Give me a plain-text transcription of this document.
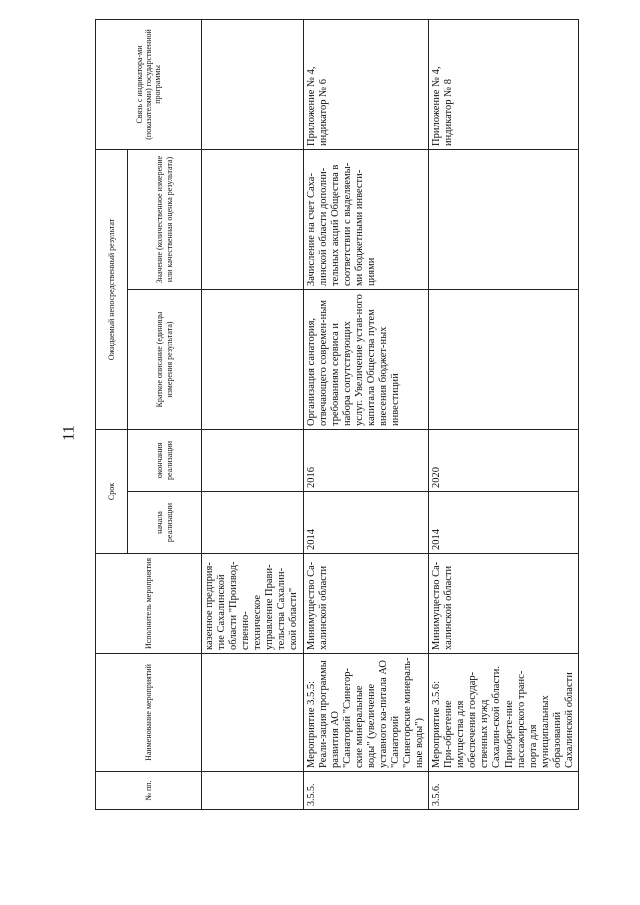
11
№ пп.	Наименование мероприятий	Исполнитель мероприятия	Срок		Ожидаемый непосредственный результат		Связь с индикатора-ми (показателями) государственной программы
			начала реализации	окончания реализации	Краткое описание (единицы измерения результата)	Значение (количественное измерение или качественная оценка результата)	
		казенное предприя-тие Сахалинской области "Производ-ственно-техническое управление Прави-тельства Сахалин-ской области"					
3.5.5.	Мероприятие 3.5.5: Реали-зация программы развития АО "Санаторий "Синегор-ские минеральные воды" (увеличение уставного ка-питала АО "Санаторий "Синегорские минераль-ные воды")	Минимущество Са-халинской области	2014	2016	Организация санатория, отвечающего современ-ным требованиям сервиса и набора сопутствующих услуг. Увеличение устав-ного капитала Общества путем внесения бюджет-ных инвестиций	Зачисление на счет Саха-линской области дополни-тельных акций Общества в соответствии с выделяемы-ми бюджетными инвести-циями	Приложение № 4, индикатор № 6
3.5.6.	Мероприятие 3.5.6: При-обретение имущества для обеспечения государ-ственных нужд Сахалин-ской области. Приобрете-ние пассажирского транс-порта для муниципальных образований Сахалинской области	Минимущество Са-халинской области	2014	2020			Приложение № 4, индикатор № 8
